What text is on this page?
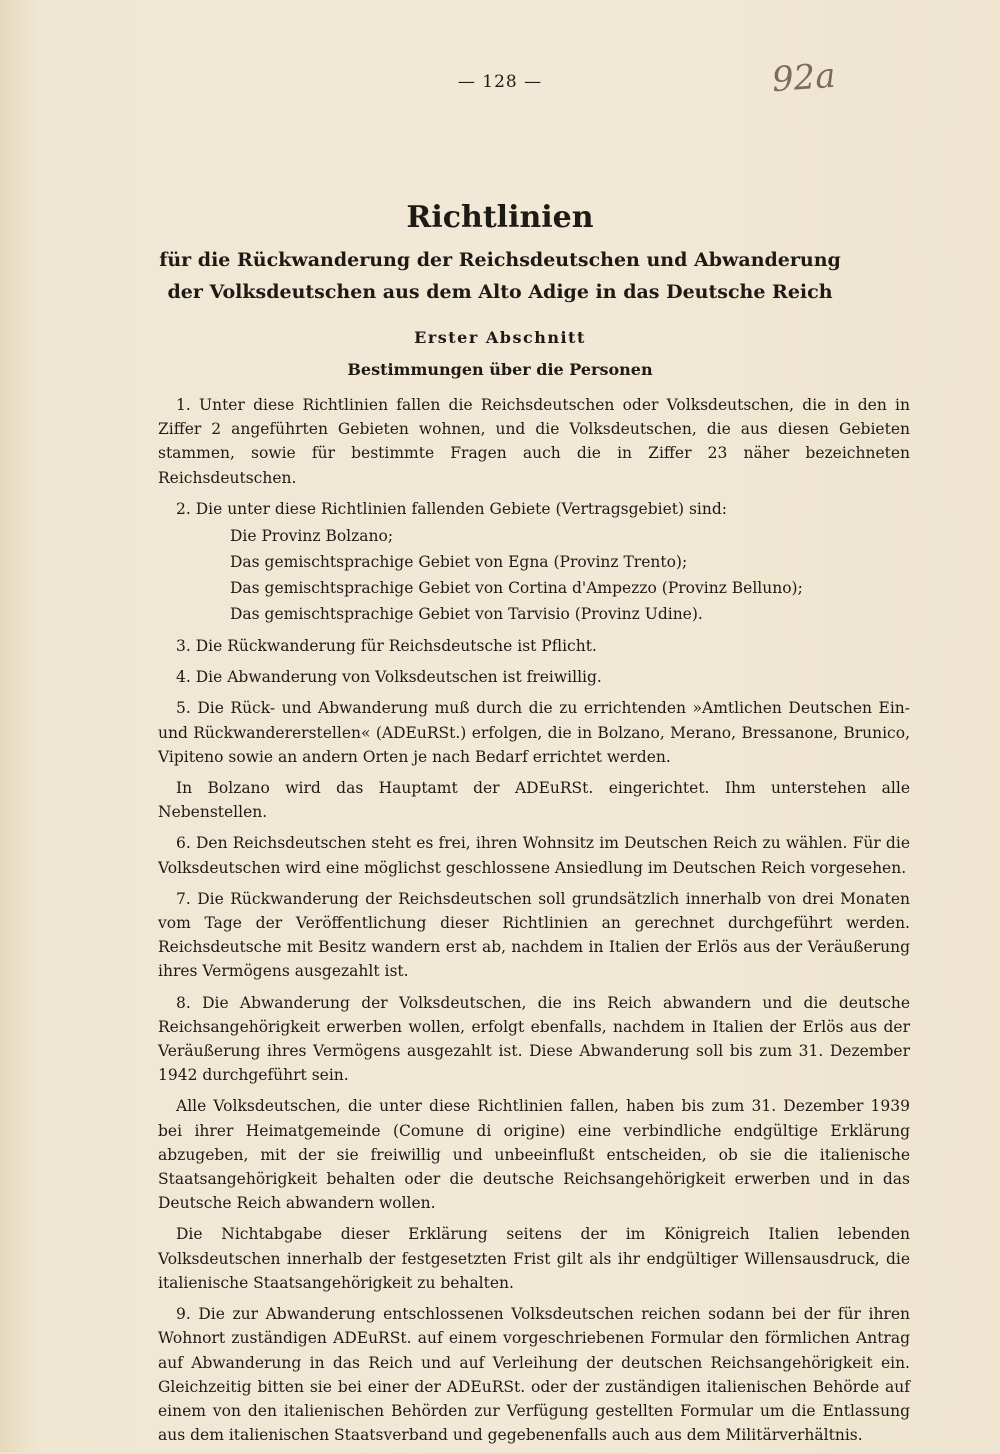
— 128 —	92a
Richtlinien
für die Rückwanderung der Reichsdeutschen und Abwanderung der Volksdeutschen aus dem Alto Adige in das Deutsche Reich
Erster Abschnitt
Bestimmungen über die Personen

1. Unter diese Richtlinien fallen die Reichsdeutschen oder Volksdeutschen, die in den in Ziffer 2 angeführten Gebieten wohnen, und die Volksdeutschen, die aus diesen Gebieten stammen, sowie für bestimmte Fragen auch die in Ziffer 23 näher bezeichneten Reichsdeutschen.

2. Die unter diese Richtlinien fallenden Gebiete (Vertragsgebiet) sind:

Die Provinz Bolzano;

Das gemischtsprachige Gebiet von Egna (Provinz Trento);

Das gemischtsprachige Gebiet von Cortina d'Ampezzo (Provinz Belluno);

Das gemischtsprachige Gebiet von Tarvisio (Provinz Udine).

3. Die Rückwanderung für Reichsdeutsche ist Pflicht.

4. Die Abwanderung von Volksdeutschen ist freiwillig.

5. Die Rück- und Abwanderung muß durch die zu errichtenden »Amtlichen Deutschen Ein- und Rückwandererstellen« (ADEuRSt.) erfolgen, die in Bolzano, Merano, Bressanone, Brunico, Vipiteno sowie an andern Orten je nach Bedarf errichtet werden.

In Bolzano wird das Hauptamt der ADEuRSt. eingerichtet. Ihm unterstehen alle Nebenstellen.

6. Den Reichsdeutschen steht es frei, ihren Wohnsitz im Deutschen Reich zu wählen. Für die Volksdeutschen wird eine möglichst geschlossene Ansiedlung im Deutschen Reich vorgesehen.

7. Die Rückwanderung der Reichsdeutschen soll grundsätzlich innerhalb von drei Monaten vom Tage der Veröffentlichung dieser Richtlinien an gerechnet durchgeführt werden. Reichsdeutsche mit Besitz wandern erst ab, nachdem in Italien der Erlös aus der Veräußerung ihres Vermögens ausgezahlt ist.

8. Die Abwanderung der Volksdeutschen, die ins Reich abwandern und die deutsche Reichsangehörigkeit erwerben wollen, erfolgt ebenfalls, nachdem in Italien der Erlös aus der Veräußerung ihres Vermögens ausgezahlt ist. Diese Abwanderung soll bis zum 31. Dezember 1942 durchgeführt sein.

Alle Volksdeutschen, die unter diese Richtlinien fallen, haben bis zum 31. Dezember 1939 bei ihrer Heimatgemeinde (Comune di origine) eine verbindliche endgültige Erklärung abzugeben, mit der sie freiwillig und unbeeinflußt entscheiden, ob sie die italienische Staatsangehörigkeit behalten oder die deutsche Reichsangehörigkeit erwerben und in das Deutsche Reich abwandern wollen.

Die Nichtabgabe dieser Erklärung seitens der im Königreich Italien lebenden Volksdeutschen innerhalb der festgesetzten Frist gilt als ihr endgültiger Willensausdruck, die italienische Staatsangehörigkeit zu behalten.

9. Die zur Abwanderung entschlossenen Volksdeutschen reichen sodann bei der für ihren Wohnort zuständigen ADEuRSt. auf einem vorgeschriebenen Formular den förmlichen Antrag auf Abwanderung in das Reich und auf Verleihung der deutschen Reichsangehörigkeit ein. Gleichzeitig bitten sie bei einer der ADEuRSt. oder der zuständigen italienischen Behörde auf einem von den italienischen Behörden zur Verfügung gestellten Formular um die Entlassung aus dem italienischen Staatsverband und gegebenenfalls auch aus dem Militärverhältnis.
